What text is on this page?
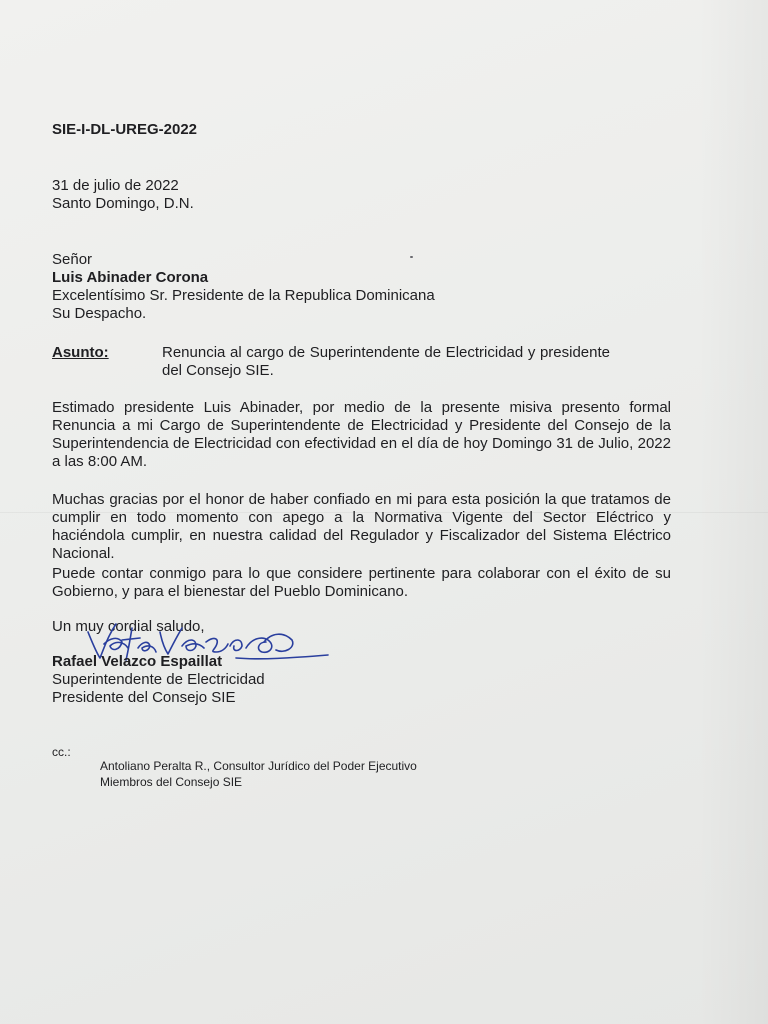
SIE-I-DL-UREG-2022

31 de julio de 2022

Santo Domingo, D.N.

Señor

Luis Abinader Corona

Excelentísimo Sr. Presidente de la Republica Dominicana

Su Despacho.

Asunto:	Renuncia al cargo de Superintendente de Electricidad y presidente del Consejo SIE.

Estimado presidente Luis Abinader, por medio de la presente misiva presento formal Renuncia a mi Cargo de Superintendente de Electricidad y Presidente del Consejo de la Superintendencia de Electricidad con efectividad en el día de hoy Domingo 31 de Julio, 2022 a las 8:00 AM.

Muchas gracias por el honor de haber confiado en mi para esta posición la que tratamos de cumplir en todo momento con apego a la Normativa Vigente del Sector Eléctrico y haciéndola cumplir, en nuestra calidad del Regulador y Fiscalizador del Sistema Eléctrico Nacional.

Puede contar conmigo para lo que considere pertinente para colaborar con el éxito de su Gobierno, y para el bienestar del Pueblo Dominicano.

Un muy cordial saludo,

Rafael Velazco Espaillat

Superintendente de Electricidad

Presidente del Consejo SIE

cc.:

Antoliano Peralta R., Consultor Jurídico del Poder Ejecutivo

Miembros del Consejo SIE
